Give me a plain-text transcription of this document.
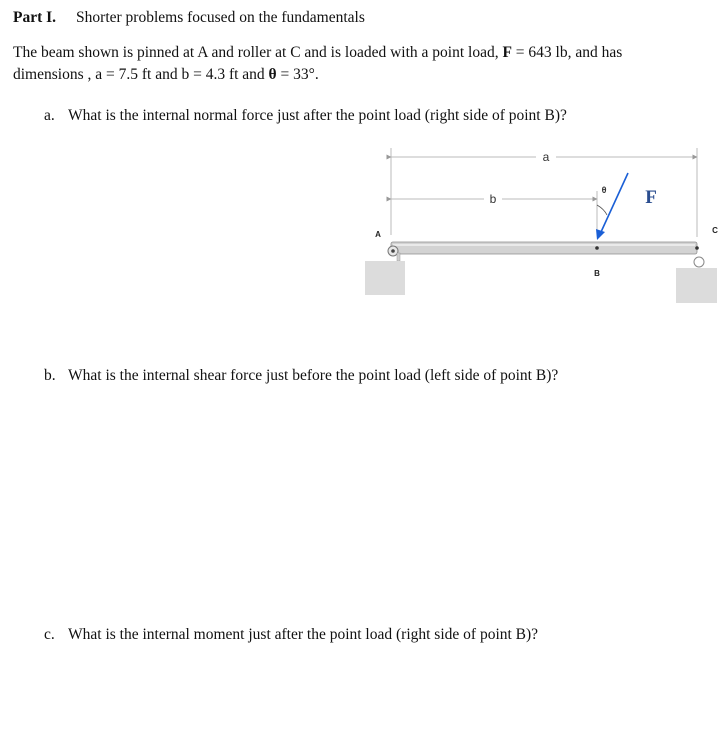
Part I. Shorter problems focused on the fundamentals
The beam shown is pinned at A and roller at C and is loaded with a point load, F = 643 lb, and has
dimensions , a = 7.5 ft and b = 4.3 ft and θ = 33°.
a. What is the internal normal force just after the point load (right side of point B)?
a
b
θ F
A
B
C
b. What is the internal shear force just before the point load (left side of point B)?
c. What is the internal moment just after the point load (right side of point B)?
